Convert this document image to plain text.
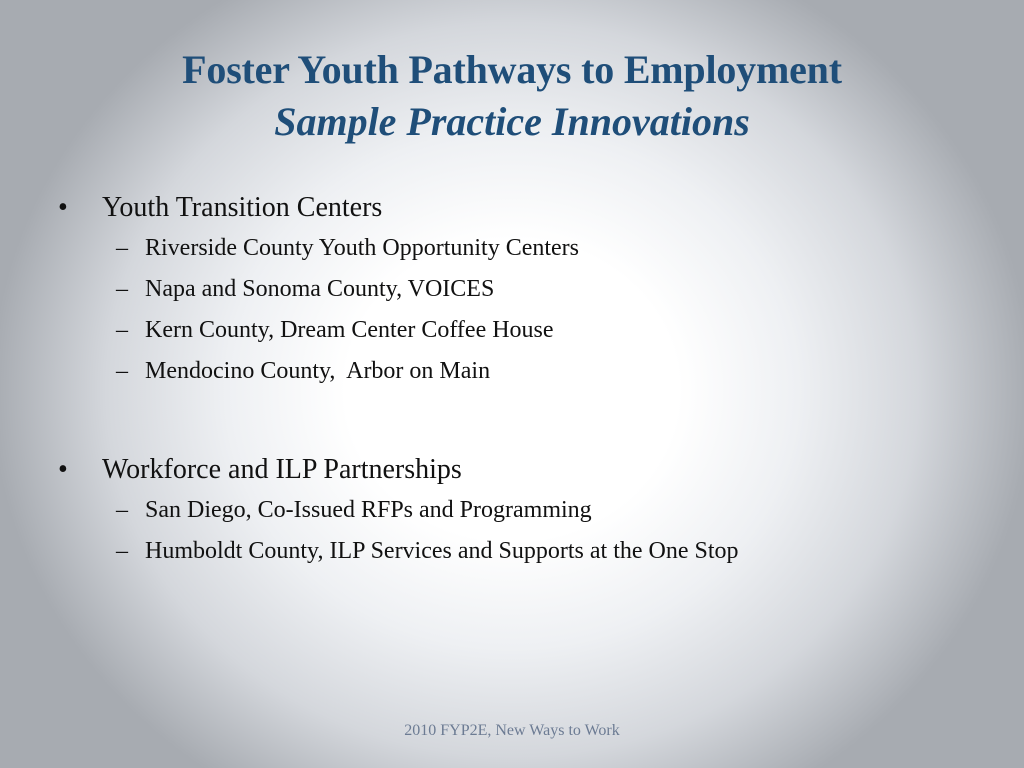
Foster Youth Pathways to Employment
Sample Practice Innovations
•	Youth Transition Centers
– Riverside County Youth Opportunity Centers
– Napa and Sonoma County, VOICES
– Kern County, Dream Center Coffee House
– Mendocino County,  Arbor on Main
•	Workforce and ILP Partnerships
– San Diego, Co-Issued RFPs and Programming
– Humboldt County, ILP Services and Supports at the One Stop
2010 FYP2E, New Ways to Work
